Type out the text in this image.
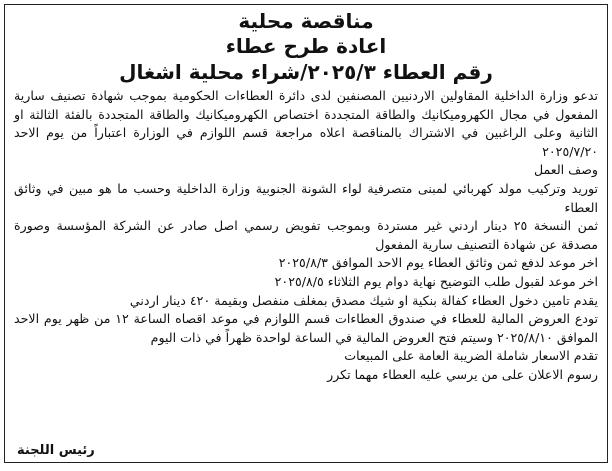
مناقصة محلية
اعادة طرح عطاء
رقم العطاء ٢٠٢٥/٣/شراء محلية اشغال

تدعو وزارة الداخلية المقاولين الاردنيين المصنفين لدى دائرة العطاءات الحكومية بموجب شهادة تصنيف سارية المفعول في مجال الكهروميكانيك والطاقة المتجددة اختصاص الكهروميكانيك والطاقة المتجددة بالفئة الثالثة او الثانية وعلى الراغبين في الاشتراك بالمناقصة اعلاه مراجعة قسم اللوازم في الوزارة اعتباراً من يوم الاحد ٢٠٢٥/٧/٢٠

وصف العمل

توريد وتركيب مولد كهربائي لمبنى متصرفية لواء الشونة الجنوبية وزارة الداخلية وحسب ما هو مبين في وثائق العطاء

ثمن النسخة ٢٥ دينار اردني غير مستردة وبموجب تفويض رسمي اصل صادر عن الشركة المؤسسة وصورة مصدقة عن شهادة التصنيف سارية المفعول

اخر موعد لدفع ثمن وثائق العطاء يوم الاحد الموافق ٢٠٢٥/٨/٣

اخر موعد لقبول طلب التوضيح نهاية دوام يوم الثلاثاء ٢٠٢٥/٨/٥

يقدم تامين دخول العطاء كفالة بنكية او شيك مصدق بمغلف منفصل وبقيمة ٤٢٠ دينار اردني

تودع العروض المالية للعطاء في صندوق العطاءات قسم اللوازم في موعد اقصاه الساعة ١٢ من ظهر يوم الاحد الموافق ٢٠٢٥/٨/١٠ وسيتم فتح العروض المالية في الساعة لواحدة ظهراً في ذات اليوم

تقدم الاسعار شاملة الضريبة العامة على المبيعات

رسوم الاعلان على من يرسي عليه العطاء مهما تكرر

رئيس اللجنة
